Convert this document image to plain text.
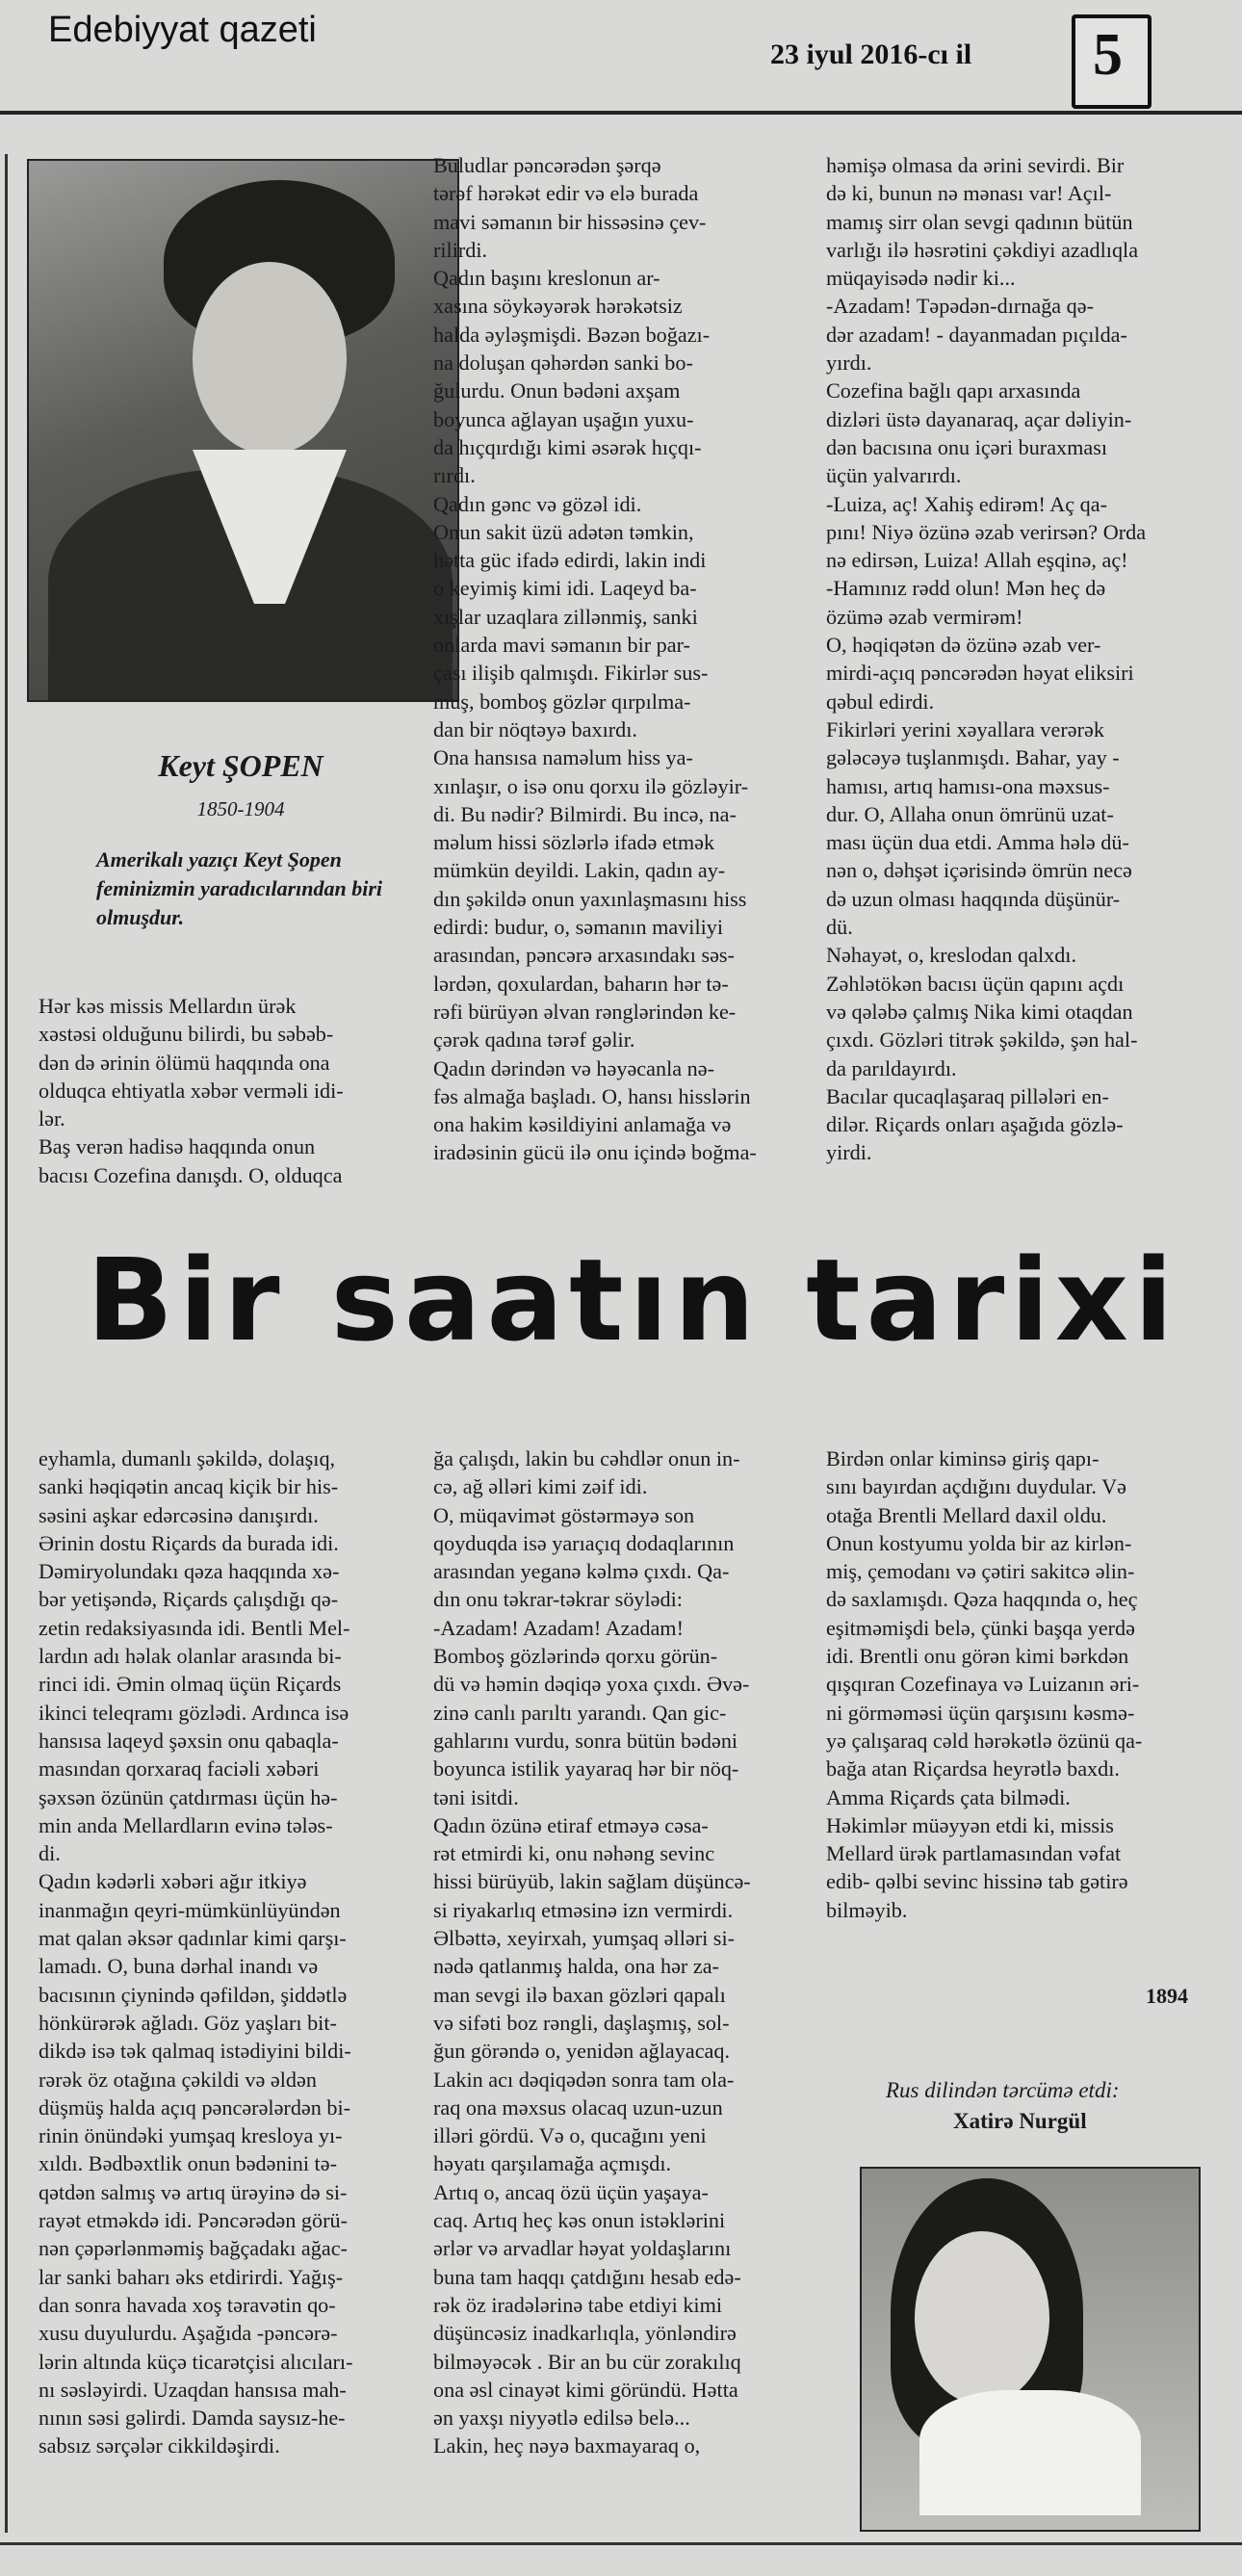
Edebiyyat qazeti
23 iyul 2016-cı il	5
Keyt ŞOPEN
1850-1904
Amerikalı yazıçı Keyt Şopen
feminizmin yaradıcılarından biri
olmuşdur.
Hər kəs missis Mellardın ürək
xəstəsi olduğunu bilirdi, bu səbəb-
dən də ərinin ölümü haqqında ona
olduqca ehtiyatla xəbər verməli idi-
lər.
Baş verən hadisə haqqında onun
bacısı Cozefina danışdı. O, olduqca
Buludlar pəncərədən şərqə
tərəf hərəkət edir və elə burada
mavi səmanın bir hissəsinə çev-
rilirdi.
Qadın başını kreslonun ar-
xasına söykəyərək hərəkətsiz
halda əyləşmişdi. Bəzən boğazı-
na doluşan qəhərdən sanki bo-
ğulurdu. Onun bədəni axşam
boyunca ağlayan uşağın yuxu-
da hıçqırdığı kimi əsərək hıçqı-
rırdı.
Qadın gənc və gözəl idi.
Onun sakit üzü adətən təmkin,
hətta güc ifadə edirdi, lakin indi
o keyimiş kimi idi. Laqeyd ba-
xışlar uzaqlara zillənmiş, sanki
onlarda mavi səmanın bir par-
çası ilişib qalmışdı. Fikirlər sus-
muş, bomboş gözlər qırpılma-
dan bir nöqtəyə baxırdı.
Ona hansısa naməlum hiss ya-
xınlaşır, o isə onu qorxu ilə gözləyir-
di. Bu nədir? Bilmirdi. Bu incə, na-
məlum hissi sözlərlə ifadə etmək
mümkün deyildi. Lakin, qadın ay-
dın şəkildə onun yaxınlaşmasını hiss
edirdi: budur, o, səmanın maviliyi
arasından, pəncərə arxasındakı səs-
lərdən, qoxulardan, baharın hər tə-
rəfi bürüyən əlvan rənglərindən ke-
çərək qadına tərəf gəlir.
Qadın dərindən və həyəcanla nə-
fəs almağa başladı. O, hansı hisslərin
ona hakim kəsildiyini anlamağa və
iradəsinin gücü ilə onu içində boğma-
həmişə olmasa da ərini sevirdi. Bir
də ki, bunun nə mənası var! Açıl-
mamış sirr olan sevgi qadının bütün
varlığı ilə həsrətini çəkdiyi azadlıqla
müqayisədə nədir ki...
-Azadam! Təpədən-dırnağa qə-
dər azadam! - dayanmadan pıçılda-
yırdı.
Cozefina bağlı qapı arxasında
dizləri üstə dayanaraq, açar dəliyin-
dən bacısına onu içəri buraxması
üçün yalvarırdı.
-Luiza, aç! Xahiş edirəm! Aç qa-
pını! Niyə özünə əzab verirsən? Orda
nə edirsən, Luiza! Allah eşqinə, aç!
-Hamınız rədd olun! Mən heç də
özümə əzab vermirəm!
O, həqiqətən də özünə əzab ver-
mirdi-açıq pəncərədən həyat eliksiri
qəbul edirdi.
Fikirləri yerini xəyallara verərək
gələcəyə tuşlanmışdı. Bahar, yay -
hamısı, artıq hamısı-ona məxsus-
dur. O, Allaha onun ömrünü uzat-
ması üçün dua etdi. Amma hələ dü-
nən o, dəhşət içərisində ömrün necə
də uzun olması haqqında düşünür-
dü.
Nəhayət, o, kreslodan qalxdı.
Zəhlətökən bacısı üçün qapını açdı
və qələbə çalmış Nika kimi otaqdan
çıxdı. Gözləri titrək şəkildə, şən hal-
da parıldayırdı.
Bacılar qucaqlaşaraq pillələri en-
dilər. Riçards onları aşağıda gözlə-
yirdi.
Bir saatın tarixi
eyhamla, dumanlı şəkildə, dolaşıq,
sanki həqiqətin ancaq kiçik bir his-
səsini aşkar edərcəsinə danışırdı.
Ərinin dostu Riçards da burada idi.
Dəmiryolundakı qəza haqqında xə-
bər yetişəndə, Riçards çalışdığı qə-
zetin redaksiyasında idi. Bentli Mel-
lardın adı həlak olanlar arasında bi-
rinci idi. Əmin olmaq üçün Riçards
ikinci teleqramı gözlədi. Ardınca isə
hansısa laqeyd şəxsin onu qabaqla-
masından qorxaraq faciəli xəbəri
şəxsən özünün çatdırması üçün hə-
min anda Mellardların evinə tələs-
di.
Qadın kədərli xəbəri ağır itkiyə
inanmağın qeyri-mümkünlüyündən
mat qalan əksər qadınlar kimi qarşı-
lamadı. O, buna dərhal inandı və
bacısının çiynində qəfildən, şiddətlə
hönkürərək ağladı. Göz yaşları bit-
dikdə isə tək qalmaq istədiyini bildi-
rərək öz otağına çəkildi və əldən
düşmüş halda açıq pəncərələrdən bi-
rinin önündəki yumşaq kresloya yı-
xıldı. Bədbəxtlik onun bədənini tə-
qətdən salmış və artıq ürəyinə də si-
rayət etməkdə idi. Pəncərədən görü-
nən çəpərlənməmiş bağçadakı ağac-
lar sanki baharı əks etdirirdi. Yağış-
dan sonra havada xoş təravətin qo-
xusu duyulurdu. Aşağıda -pəncərə-
lərin altında küçə ticarətçisi alıcıları-
nı səsləyirdi. Uzaqdan hansısa mah-
nının səsi gəlirdi. Damda saysız-he-
sabsız sərçələr cikkildəşirdi.
ğa çalışdı, lakin bu cəhdlər onun in-
cə, ağ əlləri kimi zəif idi.
O, müqavimət göstərməyə son
qoyduqda isə yarıaçıq dodaqlarının
arasından yeganə kəlmə çıxdı. Qa-
dın onu təkrar-təkrar söylədi:
-Azadam! Azadam! Azadam!
Bomboş gözlərində qorxu görün-
dü və həmin dəqiqə yoxa çıxdı. Əvə-
zinə canlı parıltı yarandı. Qan gic-
gahlarını vurdu, sonra bütün bədəni
boyunca istilik yayaraq hər bir nöq-
təni isitdi.
Qadın özünə etiraf etməyə cəsa-
rət etmirdi ki, onu nəhəng sevinc
hissi bürüyüb, lakin sağlam düşüncə-
si riyakarlıq etməsinə izn vermirdi.
Əlbəttə, xeyirxah, yumşaq əlləri si-
nədə qatlanmış halda, ona hər za-
man sevgi ilə baxan gözləri qapalı
və sifəti boz rəngli, daşlaşmış, sol-
ğun görəndə o, yenidən ağlayacaq.
Lakin acı dəqiqədən sonra tam ola-
raq ona məxsus olacaq uzun-uzun
illəri gördü. Və o, qucağını yeni
həyatı qarşılamağa açmışdı.
Artıq o, ancaq özü üçün yaşaya-
caq. Artıq heç kəs onun istəklərini
ərlər və arvadlar həyat yoldaşlarını
buna tam haqqı çatdığını hesab edə-
rək öz iradələrinə tabe etdiyi kimi
düşüncəsiz inadkarlıqla, yönləndirə
bilməyəcək . Bir an bu cür zorakılıq
ona əsl cinayət kimi göründü. Hətta
ən yaxşı niyyətlə edilsə belə...
Lakin, heç nəyə baxmayaraq o,
Birdən onlar kiminsə giriş qapı-
sını bayırdan açdığını duydular. Və
otağa Brentli Mellard daxil oldu.
Onun kostyumu yolda bir az kirlən-
miş, çemodanı və çətiri sakitcə əlin-
də saxlamışdı. Qəza haqqında o, heç
eşitməmişdi belə, çünki başqa yerdə
idi. Brentli onu görən kimi bərkdən
qışqıran Cozefinaya və Luizanın əri-
ni görməməsi üçün qarşısını kəsmə-
yə çalışaraq cəld hərəkətlə özünü qa-
bağa atan Riçardsa heyrətlə baxdı.
Amma Riçards çata bilmədi.
Həkimlər müəyyən etdi ki, missis
Mellard ürək partlamasından vəfat
edib- qəlbi sevinc hissinə tab gətirə
bilməyib.
1894
Rus dilindən tərcümə etdi:
Xatirə Nurgül
